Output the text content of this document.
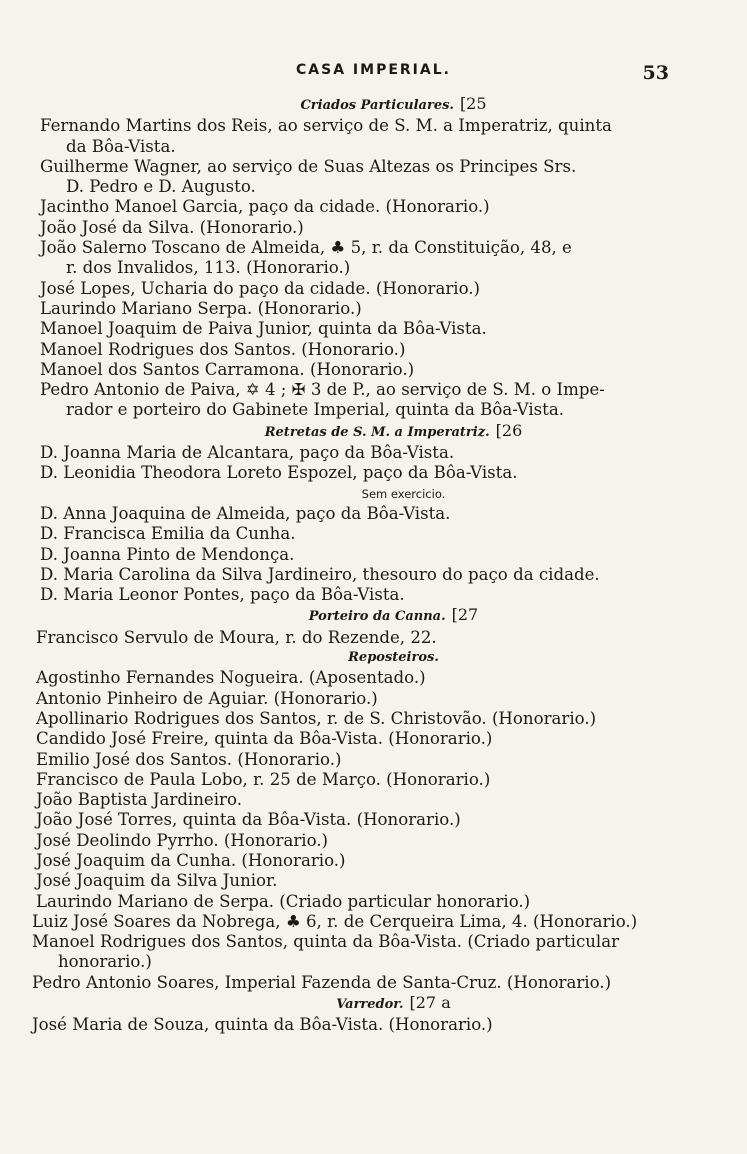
CASA IMPERIAL.	53
Criados Particulares. [25
Fernando Martins dos Reis, ao serviço de S. M. a Imperatriz, quinta
da Bôa-Vista.
Guilherme Wagner, ao serviço de Suas Altezas os Principes Srs.
D. Pedro e D. Augusto.
Jacintho Manoel Garcia, paço da cidade. (Honorario.)
João José da Silva. (Honorario.)
João Salerno Toscano de Almeida, ♣ 5, r. da Constituição, 48, e
r. dos Invalidos, 113. (Honorario.)
José Lopes, Ucharia do paço da cidade. (Honorario.)
Laurindo Mariano Serpa. (Honorario.)
Manoel Joaquim de Paiva Junior, quinta da Bôa-Vista.
Manoel Rodrigues dos Santos. (Honorario.)
Manoel dos Santos Carramona. (Honorario.)
Pedro Antonio de Paiva, ✡ 4 ; ✠ 3 de P., ao serviço de S. M. o Impe-
rador e porteiro do Gabinete Imperial, quinta da Bôa-Vista.
Retretas de S. M. a Imperatriz. [26
D. Joanna Maria de Alcantara, paço da Bôa-Vista.
D. Leonidia Theodora Loreto Espozel, paço da Bôa-Vista.
Sem exercicio.
D. Anna Joaquina de Almeida, paço da Bôa-Vista.
D. Francisca Emilia da Cunha.
D. Joanna Pinto de Mendonça.
D. Maria Carolina da Silva Jardineiro, thesouro do paço da cidade.
D. Maria Leonor Pontes, paço da Bôa-Vista.
Porteiro da Canna. [27
Francisco Servulo de Moura, r. do Rezende, 22.
Reposteiros.
Agostinho Fernandes Nogueira. (Aposentado.)
Antonio Pinheiro de Aguiar. (Honorario.)
Apollinario Rodrigues dos Santos, r. de S. Christovão. (Honorario.)
Candido José Freire, quinta da Bôa-Vista. (Honorario.)
Emilio José dos Santos. (Honorario.)
Francisco de Paula Lobo, r. 25 de Março. (Honorario.)
João Baptista Jardineiro.
João José Torres, quinta da Bôa-Vista. (Honorario.)
José Deolindo Pyrrho. (Honorario.)
José Joaquim da Cunha. (Honorario.)
José Joaquim da Silva Junior.
Laurindo Mariano de Serpa. (Criado particular honorario.)
Luiz José Soares da Nobrega, ♣ 6, r. de Cerqueira Lima, 4. (Honorario.)
Manoel Rodrigues dos Santos, quinta da Bôa-Vista. (Criado particular
honorario.)
Pedro Antonio Soares, Imperial Fazenda de Santa-Cruz. (Honorario.)
Varredor. [27 a
José Maria de Souza, quinta da Bôa-Vista. (Honorario.)
